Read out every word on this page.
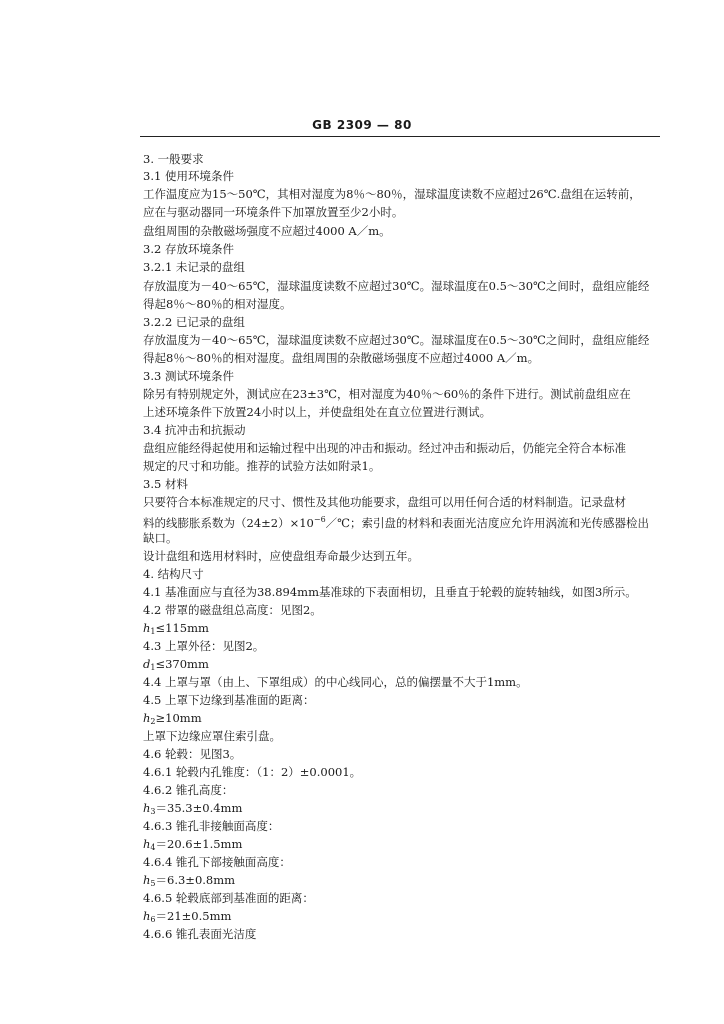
GB 2309 — 80
3. 一般要求
3.1 使用环境条件
工作温度应为15～50℃，其相对湿度为8％～80％，湿球温度读数不应超过26℃.盘组在运转前，
应在与驱动器同一环境条件下加罩放置至少2小时。
盘组周围的杂散磁场强度不应超过4000 A／m。
3.2 存放环境条件
3.2.1 未记录的盘组
存放温度为－40～65℃，湿球温度读数不应超过30℃。湿球温度在0.5～30℃之间时，盘组应能经
得起8％～80％的相对湿度。
3.2.2 已记录的盘组
存放温度为－40～65℃，湿球温度读数不应超过30℃。湿球温度在0.5～30℃之间时，盘组应能经
得起8％～80％的相对湿度。盘组周围的杂散磁场强度不应超过4000 A／m。
3.3 测试环境条件
除另有特别规定外，测试应在23±3℃，相对湿度为40％～60％的条件下进行。测试前盘组应在
上述环境条件下放置24小时以上，并使盘组处在直立位置进行测试。
3.4 抗冲击和抗振动
盘组应能经得起使用和运输过程中出现的冲击和振动。经过冲击和振动后，仍能完全符合本标准
规定的尺寸和功能。推荐的试验方法如附录1。
3.5 材料
只要符合本标准规定的尺寸、惯性及其他功能要求，盘组可以用任何合适的材料制造。记录盘材
料的线膨胀系数为$(24\pm 2)\times 10^{-6}/℃$；索引盘的材料和表面光洁度应允许用涡流和光传感器检出
缺口。
设计盘组和选用材料时，应使盘组寿命最少达到五年。
4. 结构尺寸
4.1 基准面应与直径为38.894mm基准球的下表面相切，且垂直于轮毂的旋转轴线，如图3所示。
4.2 带罩的磁盘组总高度：见图2。
$h_1\le 115mm$
4.3 上罩外径：见图2。
$d_1\le 370mm$
4.4 上罩与罩（由上、下罩组成）的中心线同心，总的偏摆量不大于1mm。
4.5 上罩下边缘到基准面的距离：
$h_2\ge 10mm$
上罩下边缘应罩住索引盘。
4.6 轮毂：见图3。
4.6.1 轮毂内孔锥度：（1：2）±0.0001。
4.6.2 锥孔高度：
$h_3=35.3\pm 0.4mm$
4.6.3 锥孔非接触面高度：
$h_4=20.6\pm 1.5mm$
4.6.4 锥孔下部接触面高度：
$h_5=6.3\pm 0.8mm$
4.6.5 轮毂底部到基准面的距离：
$h_6=21\pm 0.5mm$
4.6.6 锥孔表面光洁度
